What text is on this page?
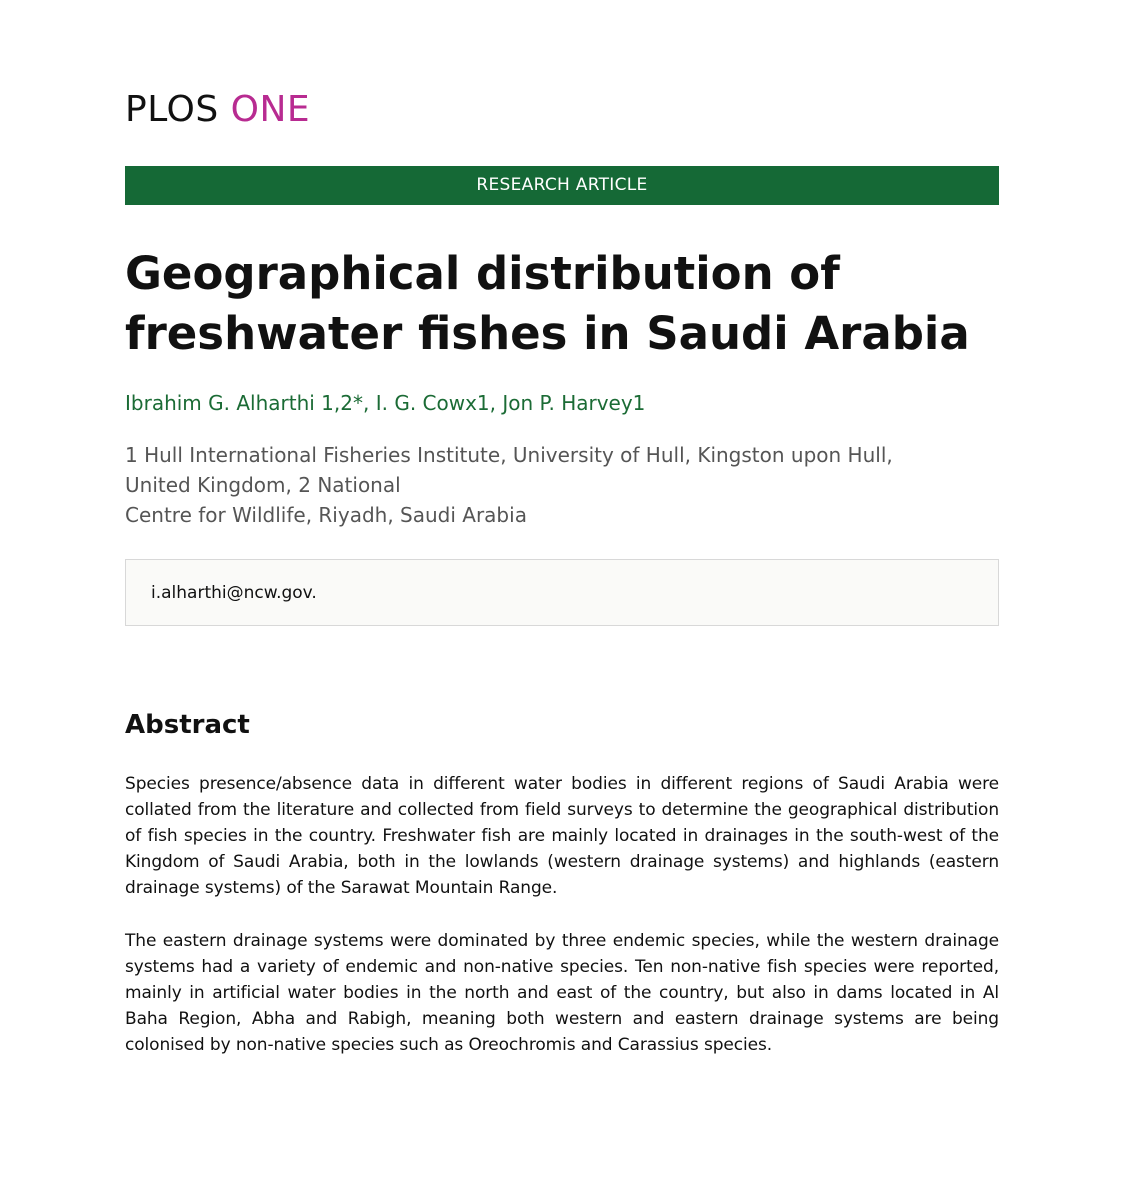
PLOS ONE
RESEARCH ARTICLE
Geographical distribution of
freshwater fishes in Saudi Arabia
Ibrahim G. Alharthi 1,2*, I. G. Cowx1, Jon P. Harvey1
1 Hull International Fisheries Institute, University of Hull, Kingston upon Hull,
United Kingdom, 2 National
Centre for Wildlife, Riyadh, Saudi Arabia
i.alharthi@ncw.gov.
Abstract

Species presence/absence data in different water bodies in different regions of Saudi Arabia were collated from the literature and collected from field surveys to determine the geographical distribution of fish species in the country. Freshwater fish are mainly located in drainages in the south-west of the Kingdom of Saudi Arabia, both in the lowlands (western drainage systems) and highlands (eastern drainage systems) of the Sarawat Mountain Range.

The eastern drainage systems were dominated by three endemic species, while the western drainage systems had a variety of endemic and non-native species. Ten non-native fish species were reported, mainly in artificial water bodies in the north and east of the country, but also in dams located in Al Baha Region, Abha and Rabigh, meaning both western and eastern drainage systems are being colonised by non-native species such as Oreochromis and Carassius species.
